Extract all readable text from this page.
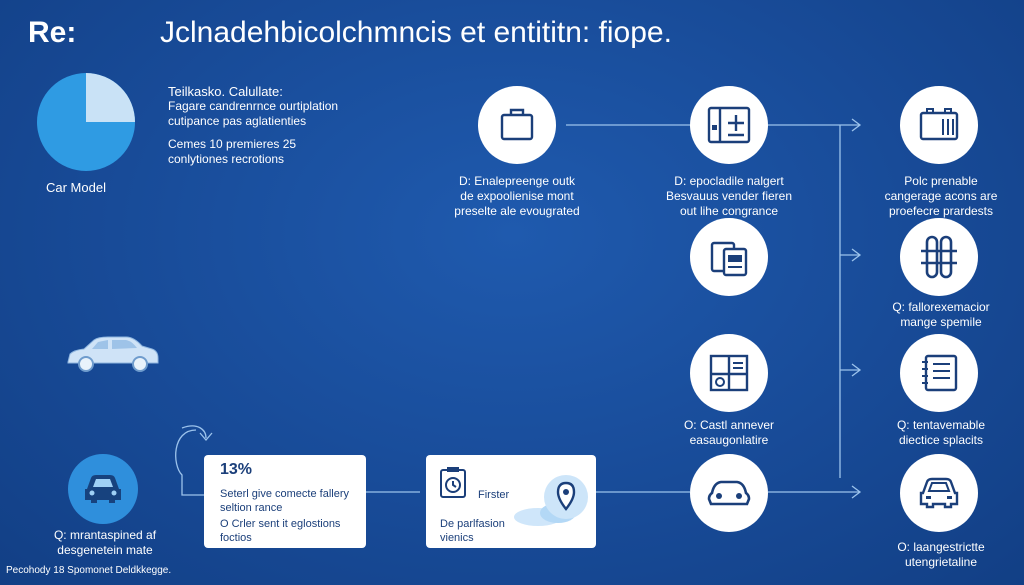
Re:	Jclnadehbicolchmncis et entititn: fiope.
Car Model
Teilkasko. Calullate:
Fagare candrenrnce ourtiplation
cutipance pas aglatienties
Cemes 10 premieres 25
conlytiones recrotions
Q: mrantaspined af
desgenetein mate
D: Enalepreenge outk
de expoolienise mont
preselte ale evougrated
D: epocladile nalgert
Besvauus vender fieren
out lihe congrance
O: Castl annever
easaugonlatire
Polc prenable
cangerage acons are
proefecre prardests
Q: fallorexemacior
mange spemile
Q: tentavemable
diectice splacits
O: laangestrictte
utengrietaline
13%
Seterl give comecte fallery
seltion rance
O Crler sent it eglostions
foctios
Firster
De parlfasion
vienics
Pecohody 18 Spomonet Deldkkegge.
